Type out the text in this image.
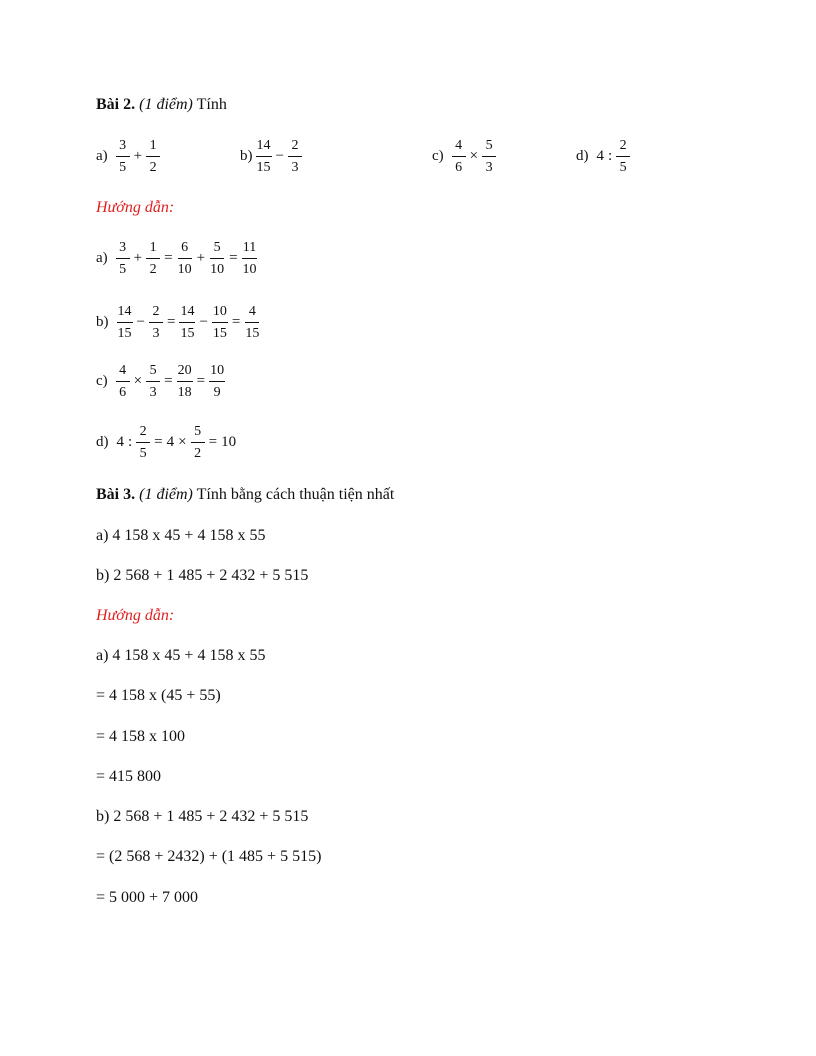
Bài 2. (1 điểm) Tính
$a) \frac{3}{5} + \frac{1}{2}$	$b) \frac{14}{15} - \frac{2}{3}$	$c) \frac{4}{6} \times \frac{5}{3}$	d) 4 : $\frac{2}{5}$
Hướng dẫn:
$a) \frac{3}{5} + \frac{1}{2} = \frac{6}{10} + \frac{5}{10} = \frac{11}{10}$
$b) \frac{14}{15} - \frac{2}{3} = \frac{14}{15} - \frac{10}{15} = \frac{4}{15}$
$c) \frac{4}{6} \times \frac{5}{3} = \frac{20}{18} = \frac{10}{9}$
d) 4 : $\frac{2}{5} = 4 \times \frac{5}{2} = 10$
Bài 3. (1 điểm) Tính bằng cách thuận tiện nhất
a) 4 158 x 45 + 4 158 x 55
b) 2 568 + 1 485 + 2 432 + 5 515
Hướng dẫn:
a) 4 158 x 45 + 4 158 x 55
= 4 158 x (45 + 55)
= 4 158 x 100
= 415 800
b) 2 568 + 1 485 + 2 432 + 5 515
= (2 568 + 2432) + (1 485 + 5 515)
= 5 000 + 7 000
